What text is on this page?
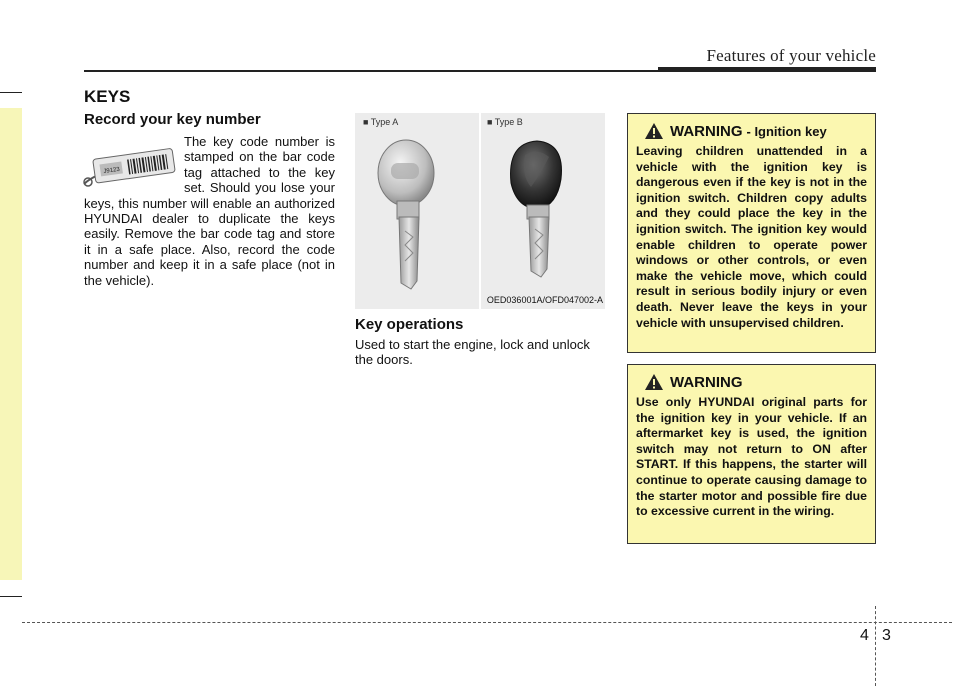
Features of your vehicle
KEYS
Record your key number
J9123
The key code number is stamped on the bar code tag attached to the key set. Should you lose your keys, this number will enable an authorized HYUNDAI dealer to duplicate the keys easily. Remove the bar code tag and store it in a safe place. Also, record the code number and keep it in a safe place (not in the vehicle).
■ Type A	■ Type B
OED036001A/OFD047002-A
Key operations
Used to start the engine, lock and unlock the doors.
WARNING - Ignition key
Leaving children unattended in a vehicle with the ignition key is dangerous even if the key is not in the ignition switch. Children copy adults and they could place the key in the ignition switch. The ignition key would enable children to operate power windows or other controls, or even make the vehicle move, which could result in serious bodily injury or even death. Never leave the keys in your vehicle with unsupervised children.
WARNING
Use only HYUNDAI original parts for the ignition key in your vehicle. If an aftermarket key is used, the ignition switch may not return to ON after START. If this happens, the starter will continue to operate causing damage to the starter motor and possible fire due to excessive current in the wiring.
4 3
